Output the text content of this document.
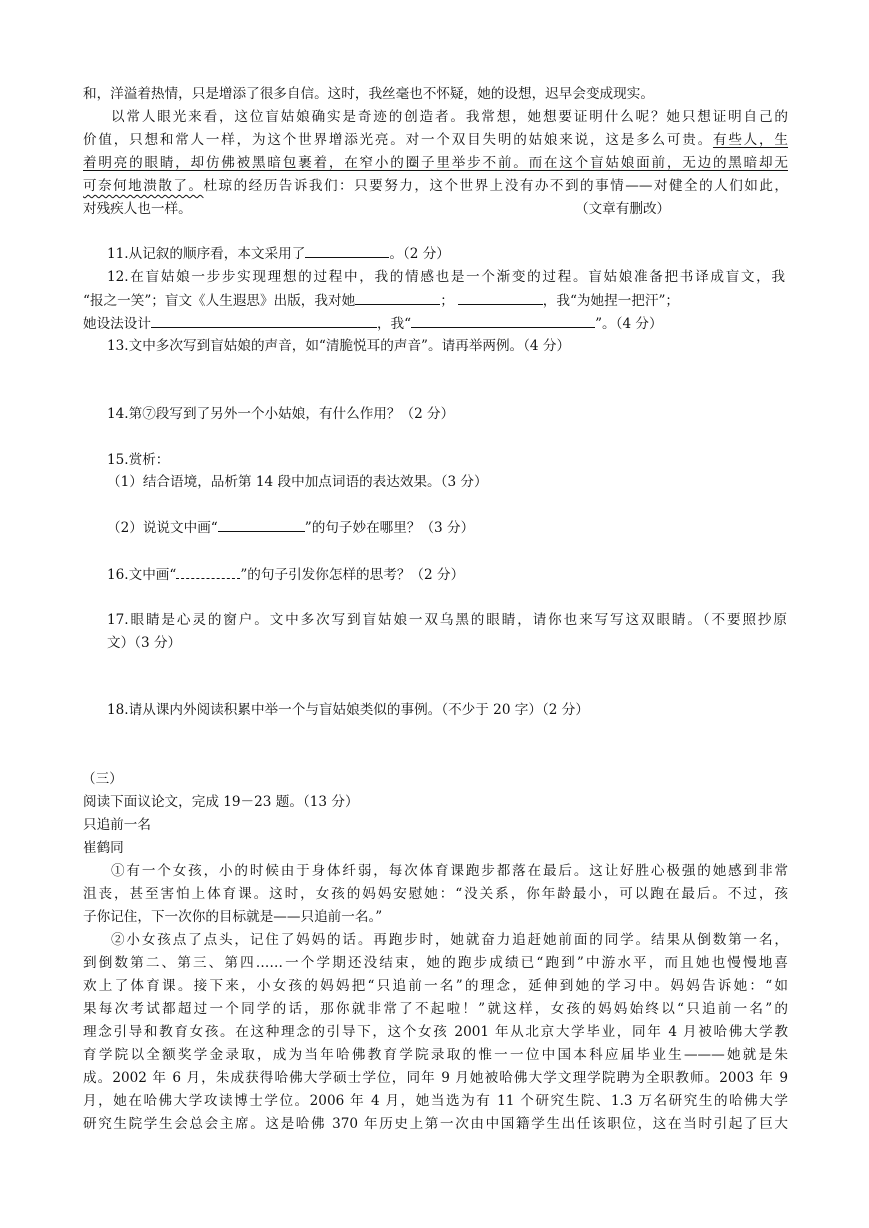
和，洋溢着热情，只是增添了很多自信。这时，我丝毫也不怀疑，她的设想，迟早会变成现实。
以常人眼光来看，这位盲姑娘确实是奇迹的创造者。我常想，她想要证明什么呢？她只想证明自己的
价值，只想和常人一样，为这个世界增添光亮。对一个双目失明的姑娘来说，这是多么可贵。有些人，生
着明亮的眼睛，却仿佛被黑暗包裹着，在窄小的圈子里举步不前。而在这个盲姑娘面前，无边的黑暗却无
可奈何地溃散了。杜琼的经历告诉我们：只要努力，这个世界上没有办不到的事情——对健全的人们如此，
对残疾人也一样。	（文章有删改）
11.从记叙的顺序看，本文采用了	。（2 分）
12.在盲姑娘一步步实现理想的过程中，我的情感也是一个渐变的过程。盲姑娘准备把书译成盲文，我
“报之一笑”；盲文《人生遐思》出版，我对她	；	，我“为她捏一把汗”；
她设法设计	，我“	”。（4 分）
13.文中多次写到盲姑娘的声音，如“清脆悦耳的声音”。请再举两例。（4 分）
14.第⑦段写到了另外一个小姑娘，有什么作用？（2 分）
15.赏析：
（1）结合语境，品析第 14 段中加点词语的表达效果。（3 分）
（2）说说文中画“	”的句子妙在哪里？（3 分）
16.文中画“	”的句子引发你怎样的思考？（2 分）
17.眼睛是心灵的窗户。文中多次写到盲姑娘一双乌黑的眼睛，请你也来写写这双眼睛。（不要照抄原
文）（3 分）
18.请从课内外阅读积累中举一个与盲姑娘类似的事例。（不少于 20 字）（2 分）
（三）
阅读下面议论文，完成 19－23 题。（13 分）
只追前一名
崔鹤同
①有一个女孩，小的时候由于身体纤弱，每次体育课跑步都落在最后。这让好胜心极强的她感到非常
沮丧，甚至害怕上体育课。这时，女孩的妈妈安慰她：“没关系，你年龄最小，可以跑在最后。不过，孩
子你记住，下一次你的目标就是——只追前一名。”
②小女孩点了点头，记住了妈妈的话。再跑步时，她就奋力追赶她前面的同学。结果从倒数第一名，
到倒数第二、第三、第四……一个学期还没结束，她的跑步成绩已“跑到”中游水平，而且她也慢慢地喜
欢上了体育课。接下来，小女孩的妈妈把“只追前一名”的理念，延伸到她的学习中。妈妈告诉她：“如
果每次考试都超过一个同学的话，那你就非常了不起啦！”就这样，女孩的妈妈始终以“只追前一名”的
理念引导和教育女孩。在这种理念的引导下，这个女孩 2001 年从北京大学毕业，同年 4 月被哈佛大学教
育学院以全额奖学金录取，成为当年哈佛教育学院录取的惟一一位中国本科应届毕业生———她就是朱
成。2002 年 6 月，朱成获得哈佛大学硕士学位，同年 9 月她被哈佛大学文理学院聘为全职教师。2003 年 9
月，她在哈佛大学攻读博士学位。2006 年 4 月，她当选为有 11 个研究生院、1.3 万名研究生的哈佛大学
研究生院学生会总会主席。这是哈佛 370 年历史上第一次由中国籍学生出任该职位，这在当时引起了巨大
